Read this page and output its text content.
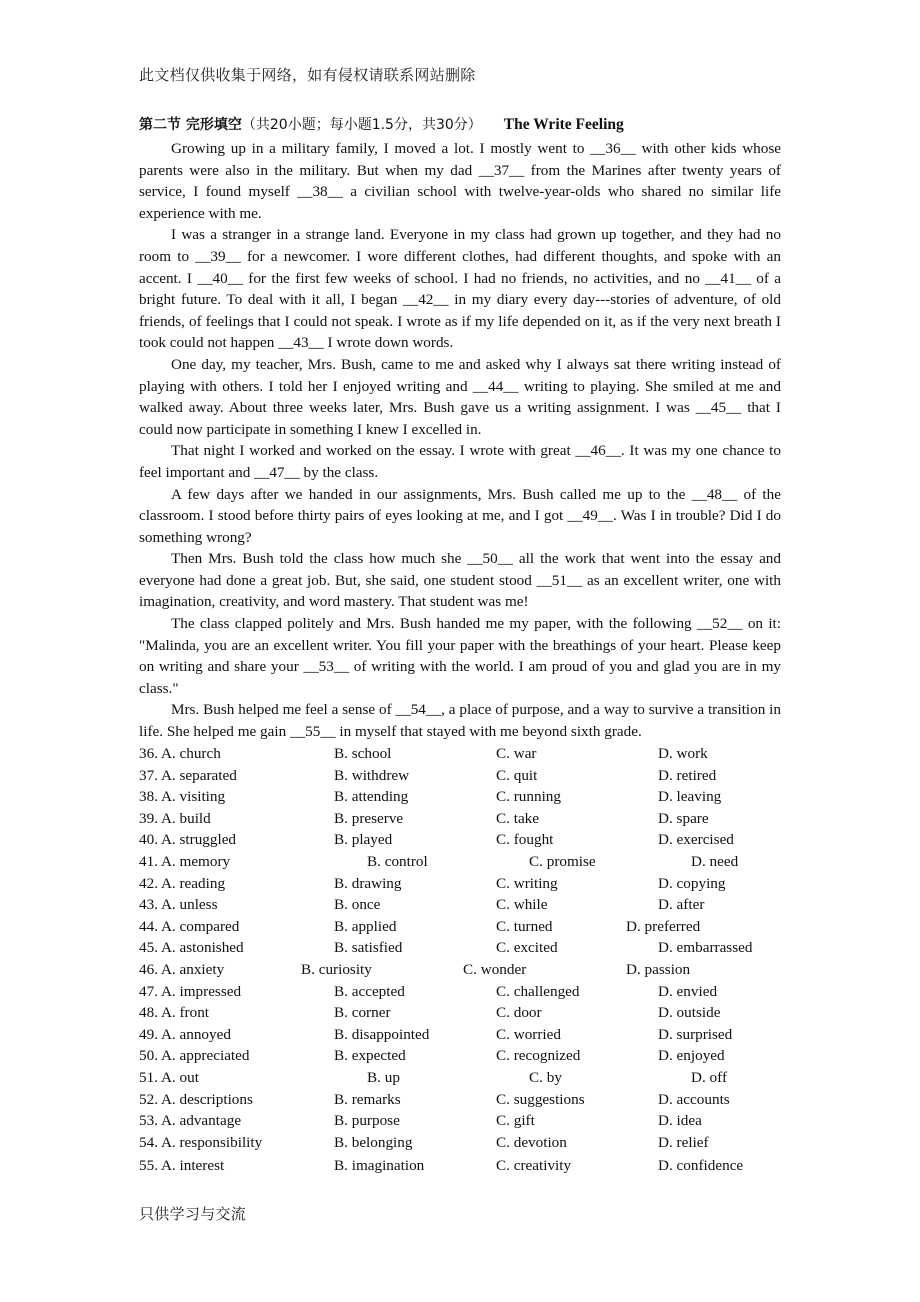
此文档仅供收集于网络，如有侵权请联系网站删除
第二节 完形填空（共20小题；每小题1.5分，共30分） The Write Feeling

Growing up in a military family, I moved a lot. I mostly went to __36__ with other kids whose parents were also in the military. But when my dad __37__ from the Marines after twenty years of service, I found myself __38__ a civilian school with twelve-year-olds who shared no similar life experience with me.

I was a stranger in a strange land. Everyone in my class had grown up together, and they had no room to __39__ for a newcomer. I wore different clothes, had different thoughts, and spoke with an accent. I __40__ for the first few weeks of school. I had no friends, no activities, and no __41__ of a bright future. To deal with it all, I began __42__ in my diary every day---stories of adventure, of old friends, of feelings that I could not speak. I wrote as if my life depended on it, as if the very next breath I took could not happen __43__ I wrote down words.

One day, my teacher, Mrs. Bush, came to me and asked why I always sat there writing instead of playing with others. I told her I enjoyed writing and __44__ writing to playing. She smiled at me and walked away. About three weeks later, Mrs. Bush gave us a writing assignment. I was __45__ that I could now participate in something I knew I excelled in.

That night I worked and worked on the essay. I wrote with great __46__. It was my one chance to feel important and __47__ by the class.

A few days after we handed in our assignments, Mrs. Bush called me up to the __48__ of the classroom. I stood before thirty pairs of eyes looking at me, and I got __49__. Was I in trouble? Did I do something wrong?

Then Mrs. Bush told the class how much she __50__ all the work that went into the essay and everyone had done a great job. But, she said, one student stood __51__ as an excellent writer, one with imagination, creativity, and word mastery. That student was me!

The class clapped politely and Mrs. Bush handed me my paper, with the following __52__ on it: "Malinda, you are an excellent writer. You fill your paper with the breathings of your heart. Please keep on writing and share your __53__ of writing with the world. I am proud of you and glad you are in my class."

Mrs. Bush helped me feel a sense of __54__, a place of purpose, and a way to survive a transition in life. She helped me gain __55__ in myself that stayed with me beyond sixth grade.

36. A. church	B. school	C. war	D. work
37. A. separated	B. withdrew	C. quit	D. retired
38. A. visiting	B. attending	C. running	D. leaving
39. A. build	B. preserve	C. take	D. spare
40. A. struggled	B. played	C. fought	D. exercised
41. A. memory	B. control	C. promise	D. need
42. A. reading	B. drawing	C. writing	D. copying
43. A. unless	B. once	C. while	D. after
44. A. compared	B. applied	C. turned	D. preferred
45. A. astonished	B. satisfied	C. excited	D. embarrassed
46. A. anxiety	B. curiosity	C. wonder	D. passion
47. A. impressed	B. accepted	C. challenged	D. envied
48. A. front	B. corner	C. door	D. outside
49. A. annoyed	B. disappointed	C. worried	D. surprised
50. A. appreciated	B. expected	C. recognized	D. enjoyed
51. A. out	B. up	C. by	D. off
52. A. descriptions	B. remarks	C. suggestions	D. accounts
53. A. advantage	B. purpose	C. gift	D. idea
54. A. responsibility	B. belonging	C. devotion	D. relief
55. A. interest	B. imagination	C. creativity	D. confidence
只供学习与交流
